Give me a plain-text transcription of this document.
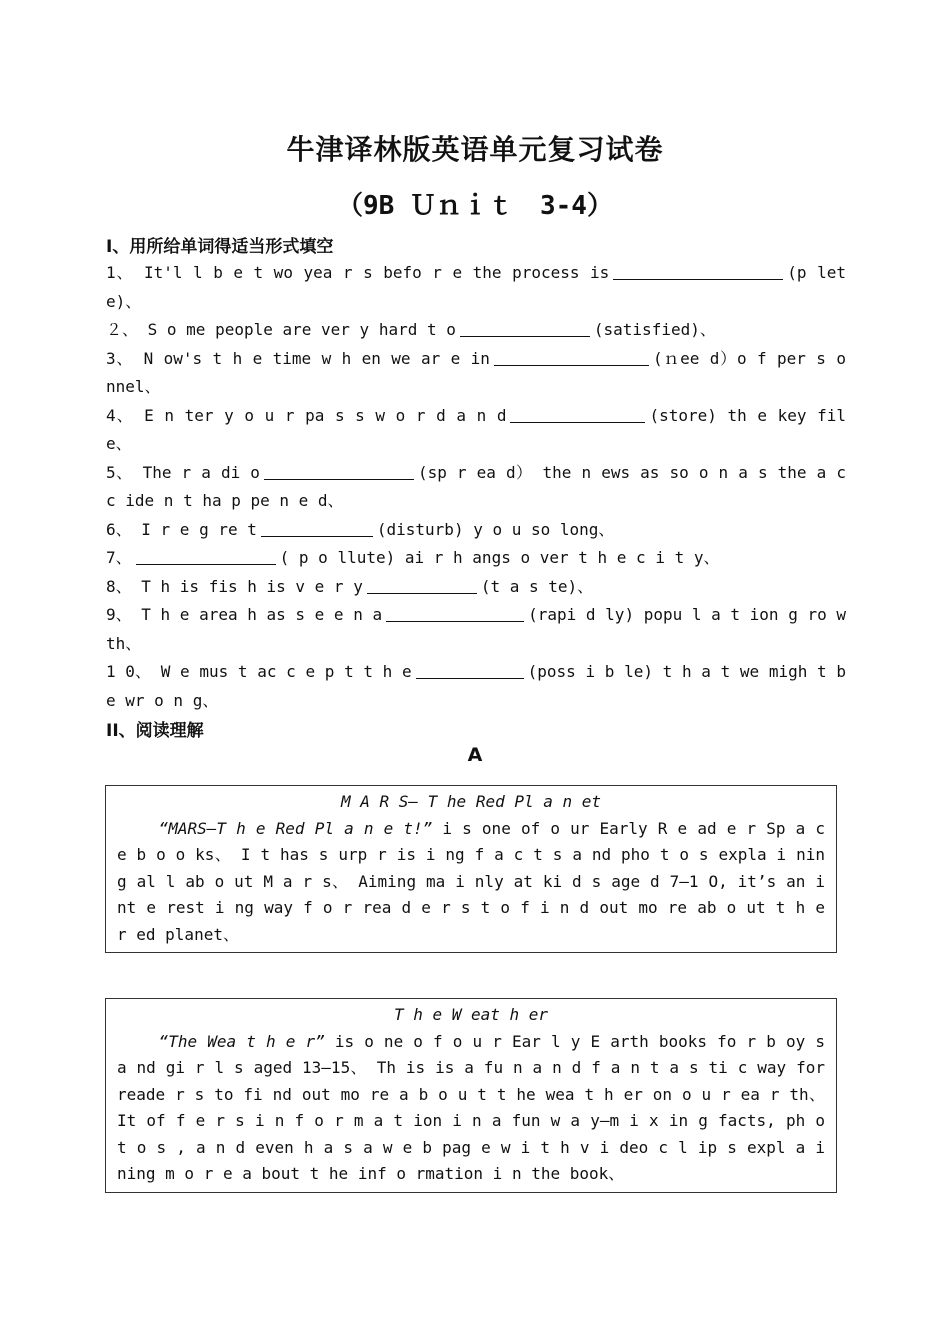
牛津译林版英语单元复习试卷
（9B Ｕｎｉｔ　3-4）
I、用所给单词得适当形式填空
1、 It'l l b e t wo yea r s befo r e the process is	(p lete)、
２、 S o me people are ver y hard t o	(satisfied)、
3、 N ow's t h e time w h en we ar e in	(ｎee d）o f per s o nnel、
4、 E n ter y o u r pa s s w o r d a n d	(store) th e key file、
5、 The r a di o	(sp r ea d） the n ews as so o n a s the a c c ide n t ha p pe n e d、
6、 I r e g re t	(disturb) y o u so long、
7、	( p o llute) ai r h angs o ver t h e c i t y、
8、 T h is fis h is v e r y	(t a s te)、
9、 T h e area h as s e e n a	(rapi d ly) popu l a t ion g ro w th、
1 0、 W e mus t ac c e p t t h e	(poss i b le) t h a t we migh t be wr o n g、
II、阅读理解
A
M A R S— T he Red Pl a n et
“MARS—T h e Red Pl a n e t!” i s one of o ur Early R e ad e r Sp a c e b o o ks、 I t has s urp r is i ng f a c t s a nd pho t o s expla i ning al l ab o ut M a r s、 Aiming ma i nly at ki d s age d 7—1 O, it’s an i nt e rest i ng way f o r rea d e r s t o f i n d out mo re ab o ut t h e r ed planet、
T h e W eat h er
“The Wea t h e r” is o ne o f o u r Ear l y E arth books fo r b oy s a nd gi r l s aged 13—15、 Th is is a fu n a n d f a n t a s ti c way for reade r s to fi nd out mo re a b o u t t he wea t h er on o u r ea r th、 It of f e r s i n f o r m a t ion i n a fun w a y—m i x in g facts, ph o t o s , a n d even h a s a w e b pag e w i t h v i deo c l ip s expl a i ning m o r e a bout t he inf o rmation i n the book、
